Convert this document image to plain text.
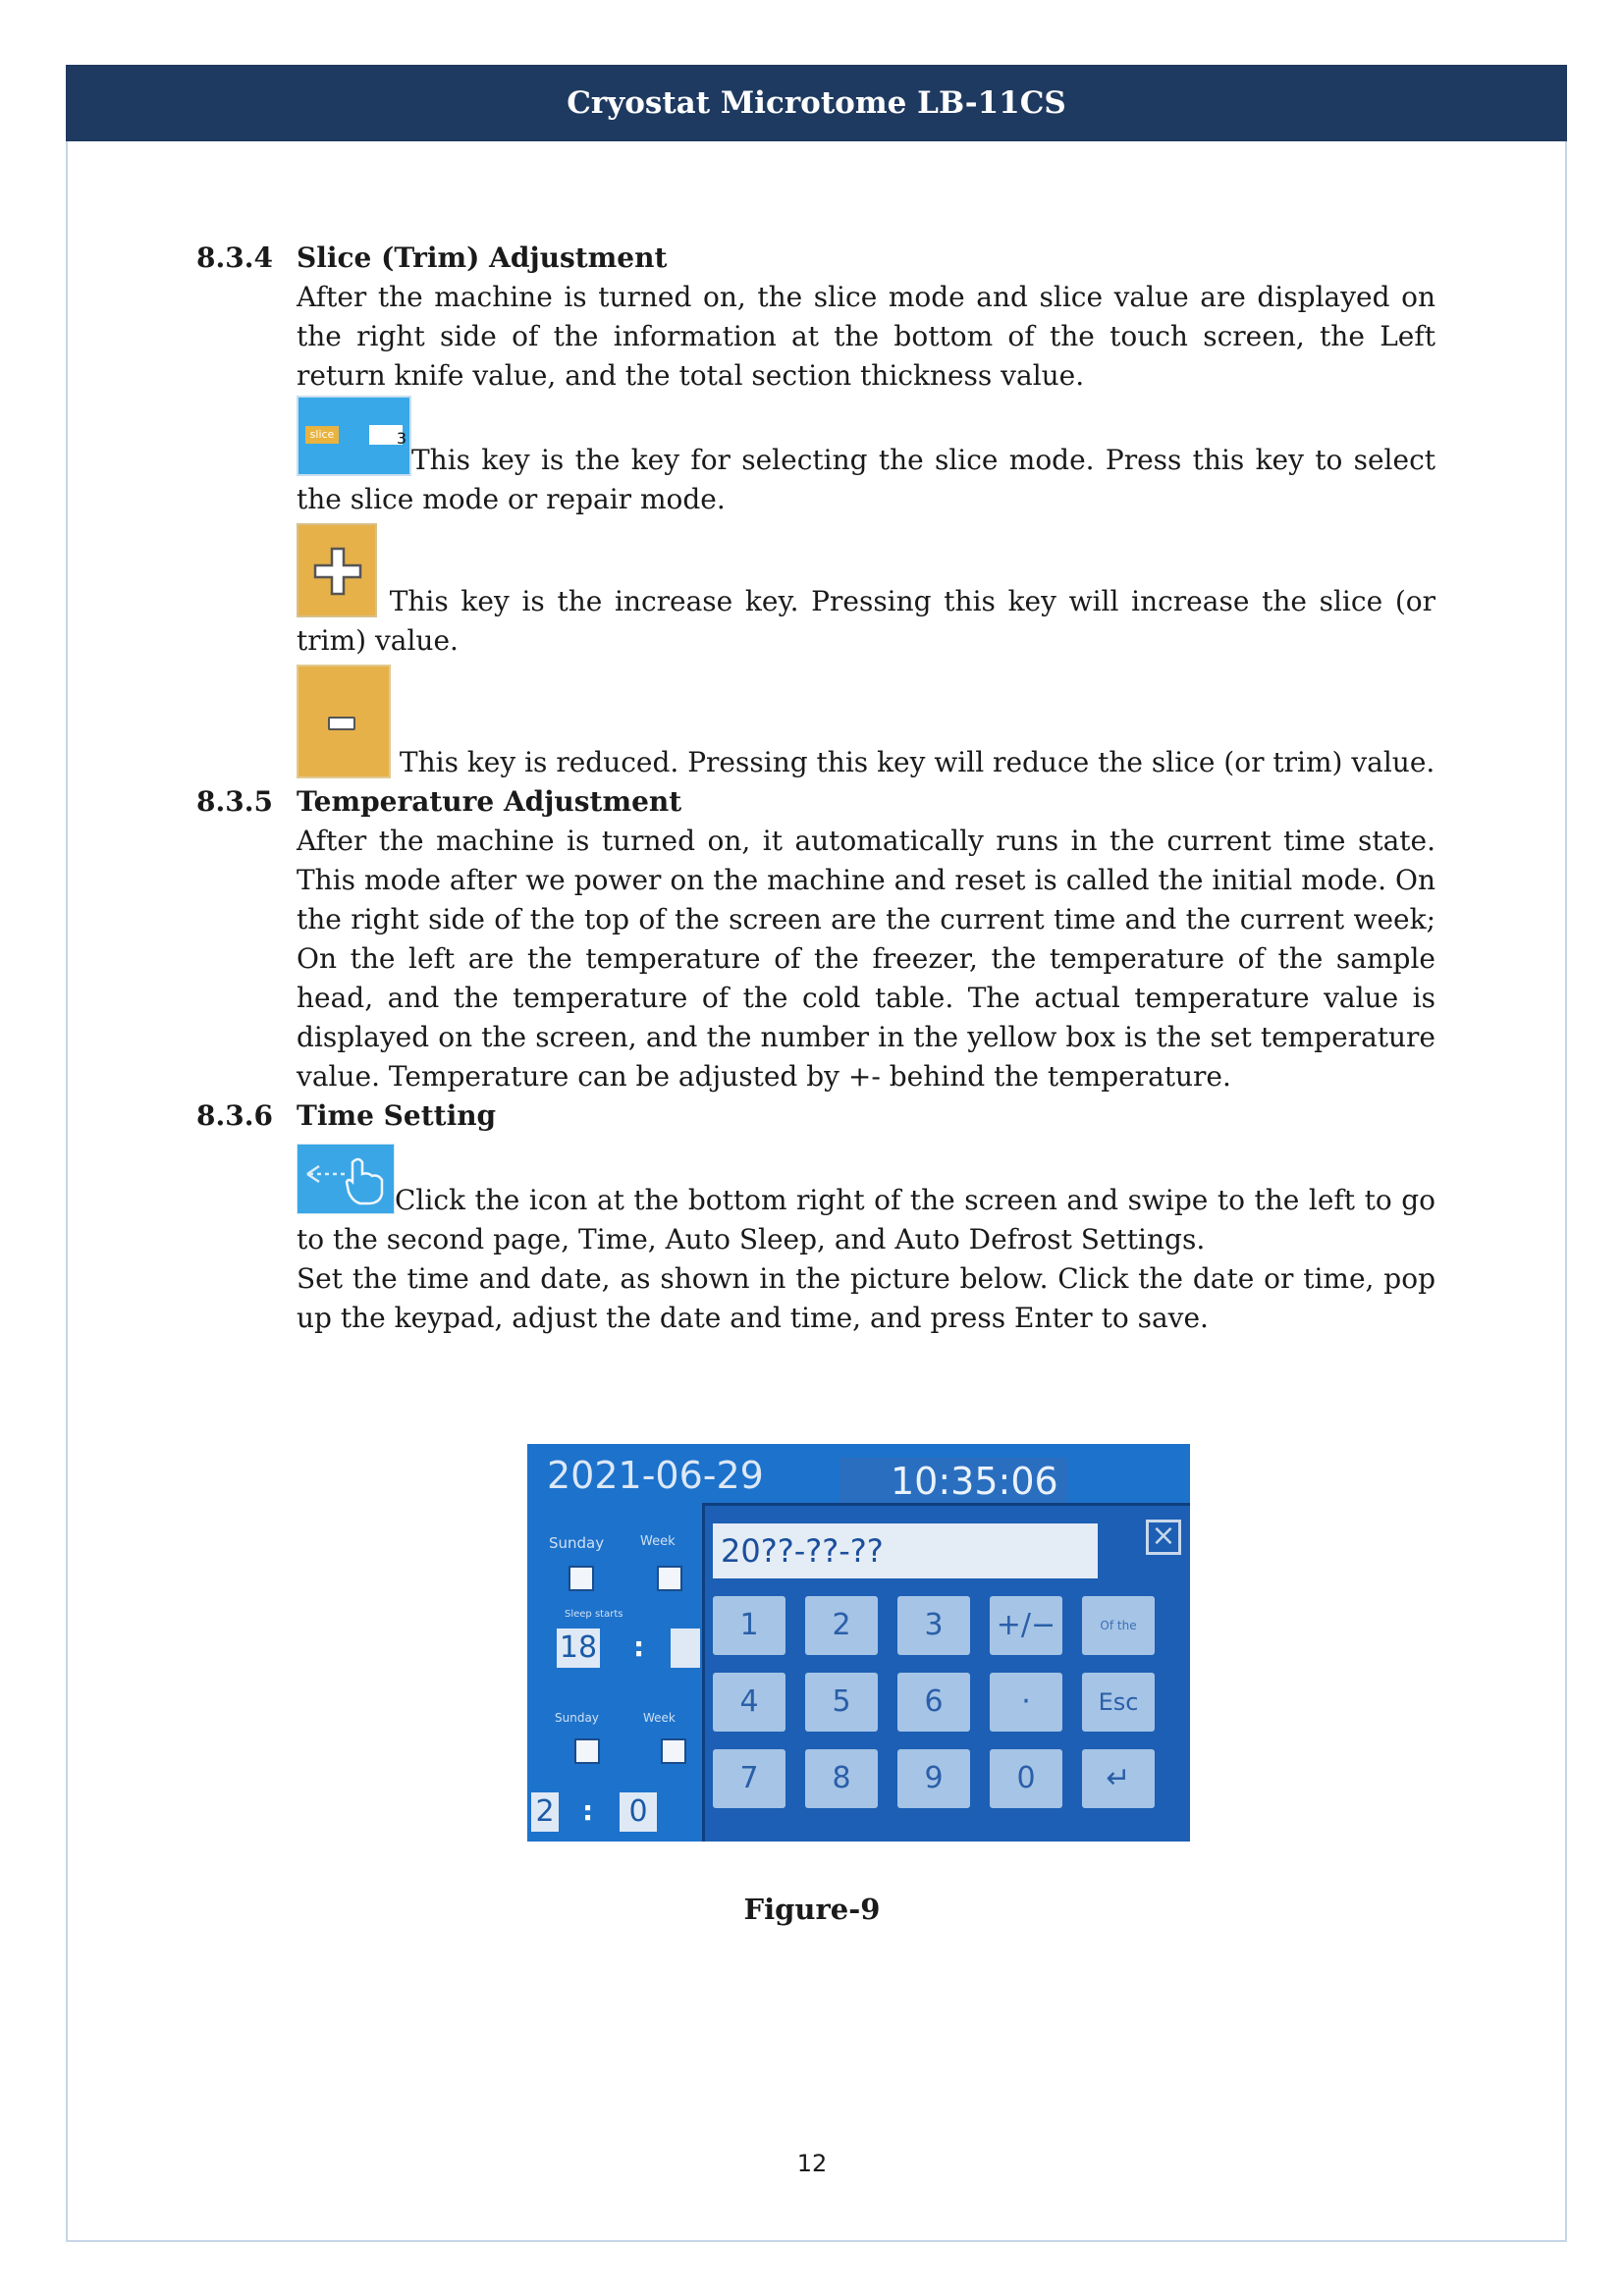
Cryostat Microtome LB-11CS
8.3.4 Slice (Trim) Adjustment
After the machine is turned on, the slice mode and slice value are displayed on the right side of the information at the bottom of the touch screen, the Left return knife value, and the total section thickness value.
slice	3
This key is the key for selecting the slice mode. Press this key to select the slice mode or repair mode.
This key is the increase key. Pressing this key will increase the slice (or trim) value.
This key is reduced. Pressing this key will reduce the slice (or trim) value.
8.3.5 Temperature Adjustment
After the machine is turned on, it automatically runs in the current time state. This mode after we power on the machine and reset is called the initial mode. On the right side of the top of the screen are the current time and the current week; On the left are the temperature of the freezer, the temperature of the sample head, and the temperature of the cold table. The actual temperature value is displayed on the screen, and the number in the yellow box is the set temperature value. Temperature can be adjusted by +- behind the temperature.
8.3.6 Time Setting
Click the icon at the bottom right of the screen and swipe to the left to go to the second page, Time, Auto Sleep, and Auto Defrost Settings.
Set the time and date, as shown in the picture below. Click the date or time, pop up the keypad, adjust the date and time, and press Enter to save.
2021-06-29	10:35:06
Sunday	Week
Sleep starts
18 :
Sunday	Week
2 :	0
20??-??-??	×
1	2	3	+/−	Of the
4	5	6	·	Esc
7	8	9	0	↵
Figure-9
12
